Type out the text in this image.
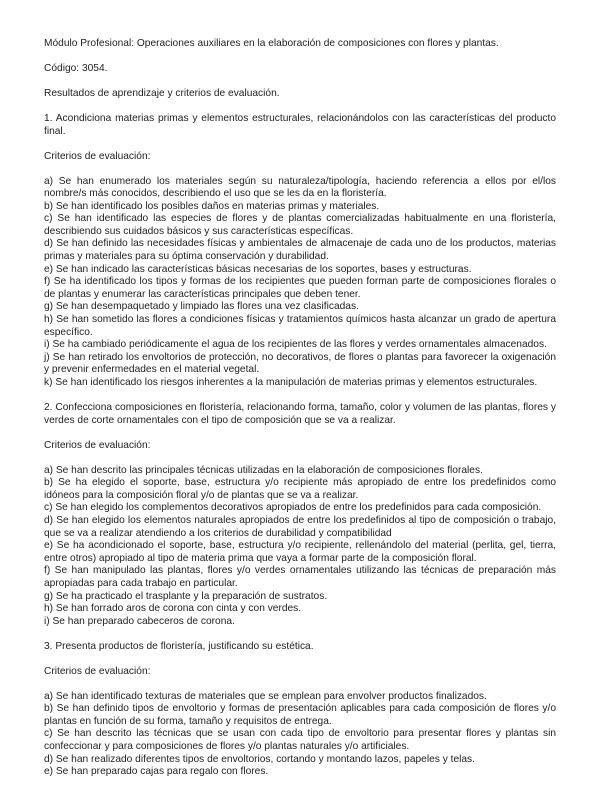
Módulo Profesional: Operaciones auxiliares en la elaboración de composiciones con flores y plantas.

Código: 3054.

Resultados de aprendizaje y criterios de evaluación.

1. Acondiciona materias primas y elementos estructurales, relacionándolos con las características del producto final.

Criterios de evaluación:

a) Se han enumerado los materiales según su naturaleza/tipología, haciendo referencia a ellos por el/los nombre/s más conocidos, describiendo el uso que se les da en la floristería.

b) Se han identificado los posibles daños en materias primas y materiales.

c) Se han identificado las especies de flores y de plantas comercializadas habitualmente en una floristería, describiendo sus cuidados básicos y sus características específicas.

d) Se han definido las necesidades físicas y ambientales de almacenaje de cada uno de los productos, materias primas y materiales para su óptima conservación y durabilidad.

e) Se han indicado las características básicas necesarias de los soportes, bases y estructuras.

f) Se ha identificado los tipos y formas de los recipientes que pueden forman parte de composiciones florales o de plantas y enumerar las características principales que deben tener.

g) Se han desempaquetado y limpiado las flores una vez clasificadas.

h) Se han sometido las flores a condiciones físicas y tratamientos químicos hasta alcanzar un grado de apertura específico.

i) Se ha cambiado periódicamente el agua de los recipientes de las flores y verdes ornamentales almacenados.

j) Se han retirado los envoltorios de protección, no decorativos, de flores o plantas para favorecer la oxigenación y prevenir enfermedades en el material vegetal.

k) Se han identificado los riesgos inherentes a la manipulación de materias primas y elementos estructurales.

2. Confecciona composiciones en floristería, relacionando forma, tamaño, color y volumen de las plantas, flores y verdes de corte ornamentales con el tipo de composición que se va a realizar.

Criterios de evaluación:

a) Se han descrito las principales técnicas utilizadas en la elaboración de composiciones florales.

b) Se ha elegido el soporte, base, estructura y/o recipiente más apropiado de entre los predefinidos como idóneos para la composición floral y/o de plantas que se va a realizar.

c) Se han elegido los complementos decorativos apropiados de entre los predefinidos para cada composición.

d) Se han elegido los elementos naturales apropiados de entre los predefinidos al tipo de composición o trabajo, que se va a realizar atendiendo a los criterios de durabilidad y compatibilidad

e) Se ha acondicionado el soporte, base, estructura y/o recipiente, rellenándolo del material (perlita, gel, tierra, entre otros) apropiado al tipo de materia prima que vaya a formar parte de la composición floral.

f) Se han manipulado las plantas, flores y/o verdes ornamentales utilizando las técnicas de preparación más apropiadas para cada trabajo en particular.

g) Se ha practicado el trasplante y la preparación de sustratos.

h) Se han forrado aros de corona con cinta y con verdes.

i) Se han preparado cabeceros de corona.

3. Presenta productos de floristería, justificando su estética.

Criterios de evaluación:

a) Se han identificado texturas de materiales que se emplean para envolver productos finalizados.

b) Se han definido tipos de envoltorio y formas de presentación aplicables para cada composición de flores y/o plantas en función de su forma, tamaño y requisitos de entrega.

c) Se han descrito las técnicas que se usan con cada tipo de envoltorio para presentar flores y plantas sin confeccionar y para composiciones de flores y/o plantas naturales y/o artificiales.

d) Se han realizado diferentes tipos de envoltorios, cortando y montando lazos, papeles y telas.

e) Se han preparado cajas para regalo con flores.
